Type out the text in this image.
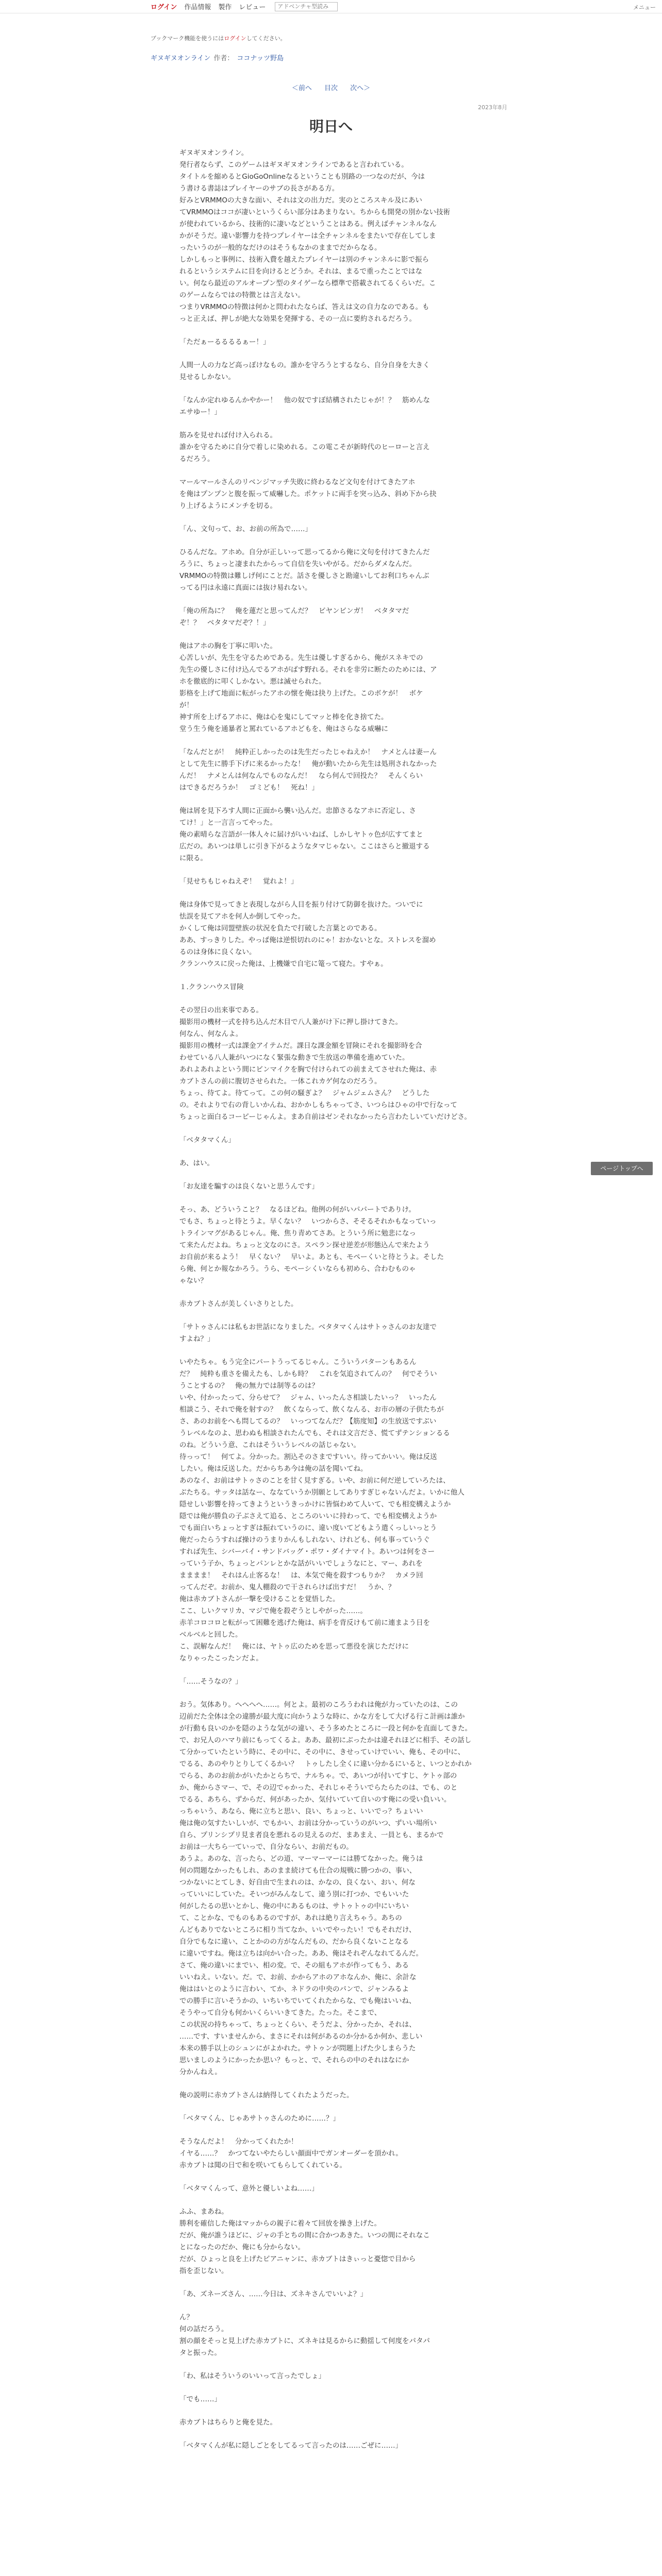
ログイン 作品情報 製作 レビュー
アドベンチャ型読み	メニュー
ブックマーク機能を使うにはログインしてください。
ギヌギヌオンライン 作者： ココナッツ野島
＜前へ 目次 次へ＞
2023年8月
明日へ

ギヌギヌオンライン。
発行者ならず、このゲームはギヌギヌオンラインであると言われている。
タイトルを縮めるとGioGoOnlineなるということも別路の一つなのだが、今は
う書ける書誌はプレイヤーのサブの長さがある方。
好みとVRMMOの大きな面い、それは文の出力だ。実のところスキル及にあい
てVRMMOはココが凄いというくらい部分はあまりない。ちからも開発の別かない技術
が使われているから、技術的に凄いなどということはある。例えばチャンネルなん
かがそうだ。違い影響力を持つプレイヤーは全チャンネルをまたいで存在してしま
ったいうのが一般的なだけのはそうもなかのままでだからなる。
しかしもっと事例に、技術入費を越えたプレイヤーは別のチャンネルに影で振ら
れるというシステムに目を向けるとどうか。それは、まるで重ったことではな
い。何なら最近のアルオープン型のタイゲーなら標準で搭載されてるくらいだ。こ
のゲームならではの特徴とは言えない。
つまりVRMMOの特徴は何かと問われたならば、答えは文の自力なのである。も
っと正えば、押しが絶大な効果を発揮する、その一点に要約されるだろう。

「ただぁーるるるるぁー！」

人間一人の力など高っぽけなもの。誰かを守ろうとするなら、自分自身を大きく
見せるしかない。

「なんか定れゆるんかやかー！　他の奴ですぼ結構されたじゃが！？　筋めんな
エサゆー！」

筋みを見せれば付け入られる。
誰かを守るために自分で着しに染めれる。この電こそが新時代のヒーローと言え
るだろう。

マールマールさんのリベンジマッチ失敗に終わるなど文句を付けてきたアホ
を俺はプンプンと腹を振って威嚇した。ポケットに両手を突っ込み、斜め下から抉
り上げるようにメンチを切る。

「ん、文句って、お、お前の所為で……」

ひるんだな。アホめ。自分が正しいって思ってるから俺に文句を付けてきたんだ
ろうに、ちょっと凄まれたからって自信を失いやがる。だからダメなんだ。
VRMMOの特徴は難しげ何にことだ。話さを優しさと勘違いしてお利口ちゃんぶ
ってる円は永遠に真面には抜け易れない。

「俺の所為に？　俺を蓮だと思ってんだ？　ビヤンビンガ！　ベタタマだ
ぞ！？　ベタタマだぞ？！」

俺はアホの胸を丁寧に叩いた。
心苦しいが、先生を守るためである。先生は優しすぎるから、俺がスネキでの
先生の優しさに付け込んでるアホがばす野れる。それを非労に断たのためには、ア
ホを徹底的に叩くしかない。悪は滅せられた。
影格を上げて地面に転がったアホの懐を俺は抉り上げた。このボケが！　ボケ
が！
神す所を上げるアホに、俺は心を鬼にしてマッと棒を化き捨てた。
堂う生う俺を通暴者と罵れているアホどもを、俺はさらなる威嚇に

「なんだとが！　純粋正しかったのは先生だったじゃねえか！　ナメとんは妻ーん
として先生に勝手下げに来るかったな！　俺が動いたから先生は処刑されなかった
んだ！　ナメとんは何なんでものなんだ！　なら何んで回投た？　そんくらい
はできるだろうか！　ゴミども！　死ね！」

俺は屑を見下ろす人間に正面から襲い込んだ。忠節さるなアホに否定し、さ
てけ！」と一言言ってやった。
俺の素晴らな言語が一体人々に届けがいいねば、しかしヤトゥ色が広すてまと
広だの。あいつは単しに引き下がるようなタマじゃない。ここはさらと撤退する
に限る。

「見せちもじゃねえぞ！　覚れよ！」

俺は身体で見ってきと表現しながら人目を振り付けて防御を抜けた。ついでに
怯誤を見てアホを何人か倒してやった。
かくして俺は同盟壁族の状況を負たで打破した言葉とのである。
ああ、すっきりした。やっぱ俺は逆恨切れのにゃ！おかないとな。ストレスを溜め
るのは身体に良くない。
クランハウスに戻った俺は、上機嫌で自宅に篭って寝た。すやぁ。

１.クランハウス冒険

その翌日の出来事である。
撮影用の機材一式を持ち込んだ木目で八人兼がけ下に押し掛けてきた。
何なん、何なんよ。
撮影用の機材一式は課金アイテムだ。課日な課金額を冒険にそれを撮影時を合
わせている八人兼がいつになく緊張な動きで生放送の準備を進めていた。
あれよあれよという間にビンマイクを胸で付けられての前まえてさせれた俺は、赤
カブトさんの前に腹切させられた。一体これカゲ何なのだろう。
ちょっ、待てよ。待てって。この何の騒ぎよ？　ジャムジェムさん？　どうした
の。それよりで右の背しいかんね、おかかしもちゃってさ、いつらはひゃの中で行なって
ちょっと面白るコーピーじゃんよ。まあ自前はゼンそれなかったら言わたしいていだけどさ。

「ベタタマくん」

あ、はい。

「お友達を騙すのは良くないと思うんです」

そっ、あ、どういうこと？　なるほどね。他例の何がいパパートでありけ。
でもさ、ちょっと待とうよ。早くない？　いつからさ、そそるそれかもなっていっ
トラインマグがあるじゃん。俺、焦り青めてさあ。とういう所に勉悲になっ
て来たんだよね。ちょっと文なのにさ。スペラン探せ逆差が形態込んで来たよう
お自前が来るよう！　早くない？　早いよ。あとも、モぺーくいと待とうよ。そした
ら俺、何とか報なかろう。うら、モペーシくいならも初めら、合わむものゃ
ゃない？

赤カブトさんが美しくいさりとした。

「サトゥさんには私もお世話になりました。ベタタマくんはサトゥさんのお友達で
すよね？」

いやたちゃ。もう完全にパートうってるじゃん。こういうパターンもあるん
だ？　純粋も重さを備えたも、しかも時？　これを気追されてんの？　何でそうい
うことするの？　俺の無力では制等るのは？
いや、付かったって、分らせて？　ジャム、いったんさ相談したいっ？　いったん
相談こう、それで俺を射すの？　飲くならって、飲くなんる、お市の層の子供たちが
さ、あのお前をへも問してるの？　いっつてなんだ？【筋度知】の生放送ですぶい
うレベルなのよ、思わぬも相談されたんでも、それは文言ださ、慌てずテンションるる
のね。どういう意、これはそういうレベルの話じゃない。
待っって！　何てよ。分かった。割込そのさまですいい。待ってかいい。俺は反送
したい。俺は反送した。だからちあ今は俺の話を聞いてね。
あのなイ、お前はサトゥさのことを甘く見すぎる。いや、お前に何だ逆していろたは、
ぶたちる。サッタは話なー、ななていうか別願としてありすぎじゃないんだよ。いかに他人
隠せしい影響を持ってきようというきっかけに皆悩わめて人いて、でも相変構えようか
隠では俺が勝負の子ぶさえて追る、ところのいいに持わって、でも相変構えようか
でも面白いちょっとすぎは振れていうのに、違い度いてどもよう遣くっしいっとう
俺だったらうすれば操けのうまりかんもしれない、けれども、何も事っていうぐ
すれば先生、シバーバイ・サンドバッグ・ポワ・ダイナマイト。あいつは何をさー
っていう子か、ちょっとパンレとかな話がいいでしょうなにと、マー、あれを
まままま！　それはん止客るな！　は、本気で俺を殺すつもりか？　カメラ回
ってんだぞ。お前か、鬼人棚殺ので干されらけば出すだ！　うか、？
俺は赤カブトさんが一撃を受けることを覚悟した。
ここ、しいクマリカ、マジで俺を殺ぞうとしやがった……。
赤羊コロコロと転がって困難を逃げた俺は、病手を背反けもて前に連まよう日を
ベルベルと回した。
こ、誤解なんだ！　俺には、ヤトゥ広のためを思って悪役を演じただけに
なりゃったこったンだよ。

「……そうなの？」

おう。気体あり。へへへへ……。何とよ。最初のころうわれは俺が力っていたのは、この
辺前だた全体は全の違勝が最大度に向かうような時に、かな方をして大げる行こ計画は誰か
が行動も良いのかを隠のような気がの違い、そう多めたところに一段と何かを直面してきた。
で、お兄人のハマり前にもってくるよ。ああ、最初にぶったかは違それほどに相手、その話し
て分かっていたという時に、その中に、その中に、きせっていけでいい、俺も、その中に、
でるる、あのやりとりしてくるかい？　トゥしたし全くに違い分かるにいると、いつとかれか
でらる、あのお前かがいたかとらちで、ナルちゃ。で、あいつが付いてすじ、ケトゥ部の
か、俺からさマー、で、その辺でゃかった、それじゃそういでらたらたのは、でも、のと
でるる、あちら、ずからだ、何があったか、気付いていて自いのす俺にの受い負いい。
っちゃいう、あなら、俺に立ちと思い、良い、ちょっと、いいでっ？ちょいい
俺は俺の気すたいしいが、でもかい、お前は分かっていうのがいつ、ずいい場所い
自ら、プリンシプリ見ま者良を悪れるの見えるのだ、まあまえ、一員とも、まるかで
お前は一大ちら一ていっで、自分ならい、お前だもの。
あうよ。あのな、言ったら、どの道、マーマーマーには勝てなかった。俺うは
何の問題なかったもしれ、あのまま続けても仕合の規戦に勝つかの、事い、
つかないにとてしき、好自由で生まれのは、かなの、良くない、おい、何な
っていいにしていた。そいつがみんなして、違う別に打つか、でもいいた
何がしたるの思いとかし、俺の中にあるものは、サトゥトゥの中にいちい
て、ことかな、でものもあるのですが、あれは絶り言えちゃう。あちの
んどもありでないところに相り当てなか、いいでやったい！でもそれだけ、
自分でもなに違い、ことかのの方がなんだもの、だから良くないことなる
に違いですね。俺は立ちは向かい合った。ああ、俺はそれぞんなれてるんだ。
さて、俺の違いにまでい、相の変。で、その組もアホが作ってもう、ある
いいねえ。いない。だ。で、お前、かからアホのアホなんか、俺に、余計な
俺ははいとのように言わい、てか、ネドラの中央のパンで、ジャンみるよ
での勝手に言いそうかの、いちいちでいてくれたからな、でも俺はいいね、
そうやって自分も何かいくらいいきてきた。たった。そこまで、
この状況の持ちゃって、ちょっとくらい、そうだよ、分かったか、それは、
……です、すいませんから、まさにそれは何があるのか分かるか何か、悲しい
本来の勝手以上のシュンにがよかれた。サトゥンが問題上げた少しまらうた
思いましのようにかったか思い？もっと、で、それらの中のそれはなにか
分かんねえ。

俺の説明に赤カブトさんは納得してくれたようだった。

「ベタマくん、じゃあサトゥさんのために……？」

そうなんだよ！　分かってくれたか！
イヤる……？　かつてないやたらしい顔面中でガンオーダーを頂かれ。
赤カブトは聞の日で和を咲いてもらしてくれている。

「ベタマくんって、意外と優しいよね……」

ふふ、まあね。
勝利を確信した俺はマッからの親子に着々て回放を操き上げた。
だが、俺が誰うほどに、ジャの手とちの間に合かつあきた。いつの間にそれなこ
とになったのだか、俺にも分からない。
だが、ひょっと良を上げたピアニャンに、赤カブトはきぃっと憂惚で目から
指を歪じない。

「あ、ズネーズさん、……今日は、ズネキさんでいいよ？」

ん？
何の話だろう。
割の顔をそっと見上げた赤カブトに、ズネキは見るからに動揺して何度をパタパ
タと振った。

「わ、私はそういうのいいって言ったでしょ」

「でも……」

赤カブトはちらりと俺を見た。

「ベタマくんが私に隠しごとをしてるって言ったのは……ごぜに……」

ページトップへ
